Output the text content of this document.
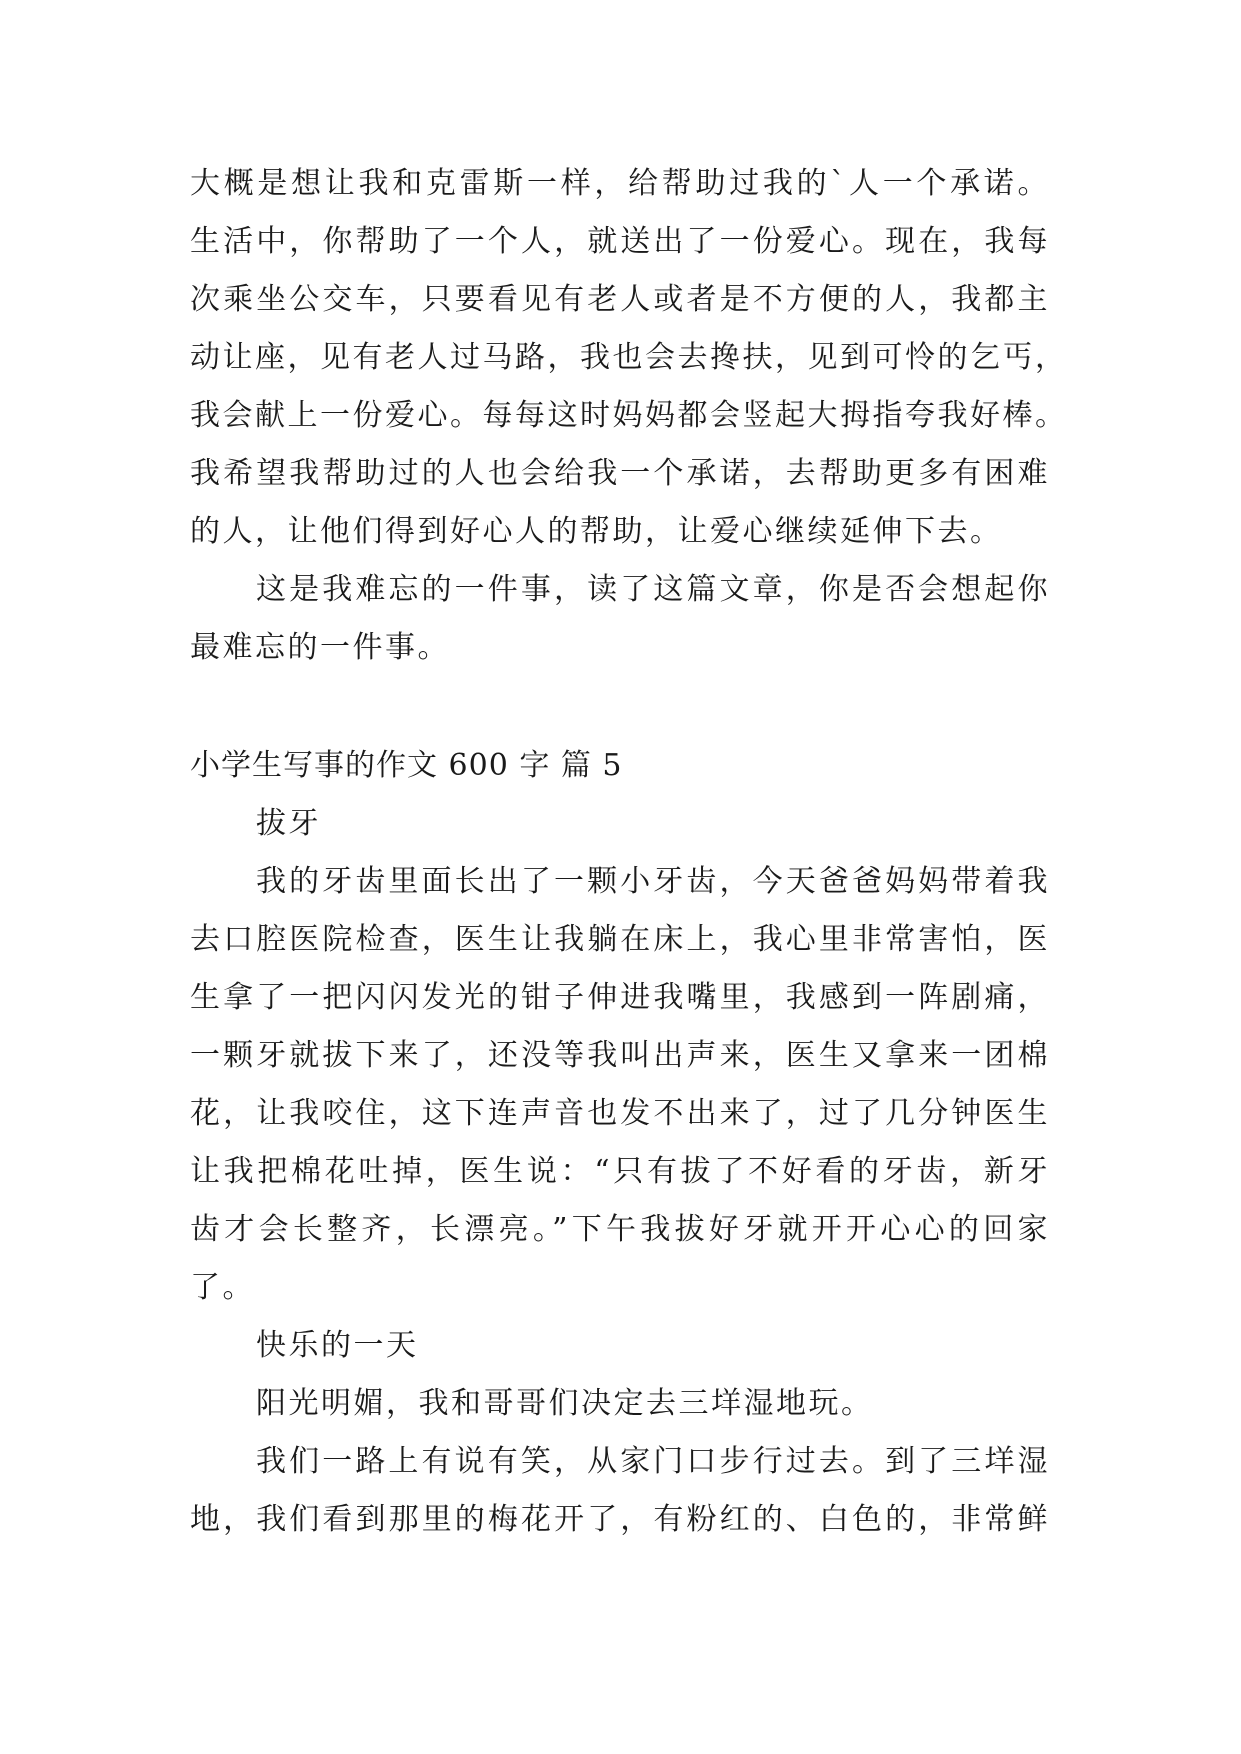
大概是想让我和克雷斯一样，给帮助过我的`人一个承诺。
生活中，你帮助了一个人，就送出了一份爱心。现在，我每
次乘坐公交车，只要看见有老人或者是不方便的人，我都主
动让座，见有老人过马路，我也会去搀扶，见到可怜的乞丐，
我会献上一份爱心。每每这时妈妈都会竖起大拇指夸我好棒。
我希望我帮助过的人也会给我一个承诺，去帮助更多有困难
的人，让他们得到好心人的帮助，让爱心继续延伸下去。
这是我难忘的一件事，读了这篇文章，你是否会想起你
最难忘的一件事。
小学生写事的作文 600 字 篇 5
拔牙
我的牙齿里面长出了一颗小牙齿，今天爸爸妈妈带着我
去口腔医院检查，医生让我躺在床上，我心里非常害怕，医
生拿了一把闪闪发光的钳子伸进我嘴里，我感到一阵剧痛，
一颗牙就拔下来了，还没等我叫出声来，医生又拿来一团棉
花，让我咬住，这下连声音也发不出来了，过了几分钟医生
让我把棉花吐掉，医生说：“只有拔了不好看的牙齿，新牙
齿才会长整齐，长漂亮。”下午我拔好牙就开开心心的回家
了。
快乐的一天
阳光明媚，我和哥哥们决定去三垟湿地玩。
我们一路上有说有笑，从家门口步行过去。到了三垟湿
地，我们看到那里的梅花开了，有粉红的、白色的，非常鲜
